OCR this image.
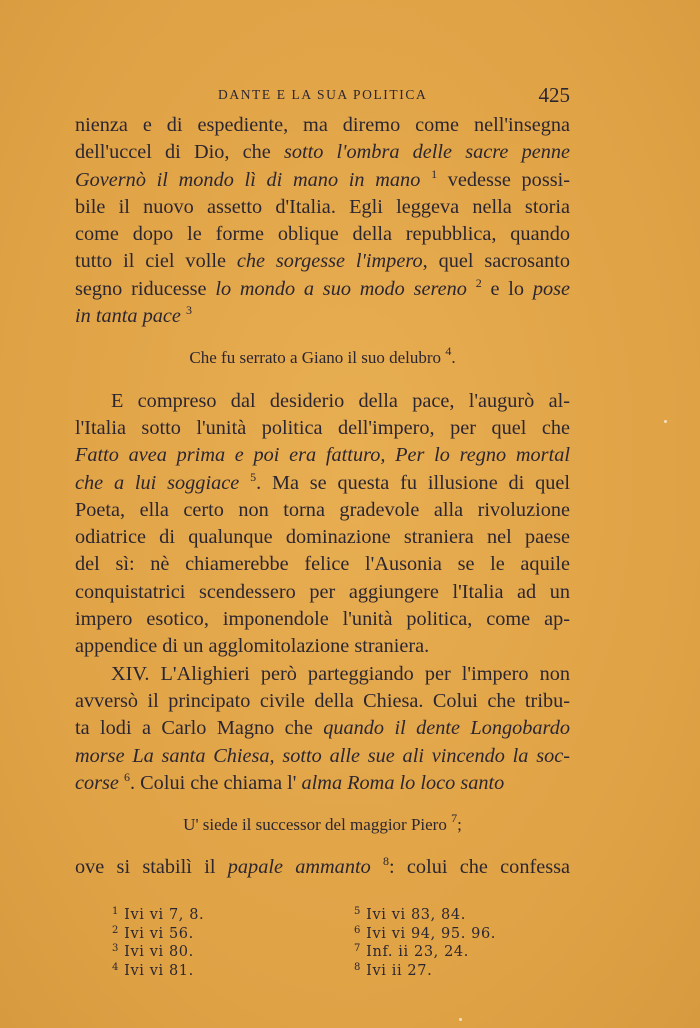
DANTE E LA SUA POLITICA	425
nienza e di espediente, ma diremo come nell'insegna
dell'uccel di Dio, che sotto l'ombra delle sacre penne
Governò il mondo lì di mano in mano $^1$ vedesse possi-
bile il nuovo assetto d'Italia. Egli leggeva nella storia
come dopo le forme oblique della repubblica, quando
tutto il ciel volle che sorgesse l'impero, quel sacrosanto
segno riducesse lo mondo a suo modo sereno $^2$ e lo pose
in tanta pace $^3$
Che fu serrato a Giano il suo delubro $^4$.
E compreso dal desiderio della pace, l'augurò al-
l'Italia sotto l'unità politica dell'impero, per quel che
Fatto avea prima e poi era fatturo, Per lo regno mortal
che a lui soggiace $^5$. Ma se questa fu illusione di quel
Poeta, ella certo non torna gradevole alla rivoluzione
odiatrice di qualunque dominazione straniera nel paese
del sì: nè chiamerebbe felice l'Ausonia se le aquile
conquistatrici scendessero per aggiungere l'Italia ad un
impero esotico, imponendole l'unità politica, come ap-
appendice di un agglomitolazione straniera.
XIV. L'Alighieri però parteggiando per l'impero non
avversò il principato civile della Chiesa. Colui che tribu-
ta lodi a Carlo Magno che quando il dente Longobardo
morse La santa Chiesa, sotto alle sue ali vincendo la soc-
corse $^6$. Colui che chiama l' alma Roma lo loco santo
U' siede il successor del maggior Piero $^7$;
ove si stabilì il papale ammanto $^8$: colui che confessa
$^1$ Ivi vi 7, 8.
$^2$ Ivi vi 56.
$^3$ Ivi vi 80.
$^4$ Ivi vi 81.
$^5$ Ivi vi 83, 84.
$^6$ Ivi vi 94, 95. 96.
$^7$ Inf. ii 23, 24.
$^8$ Ivi ii 27.
